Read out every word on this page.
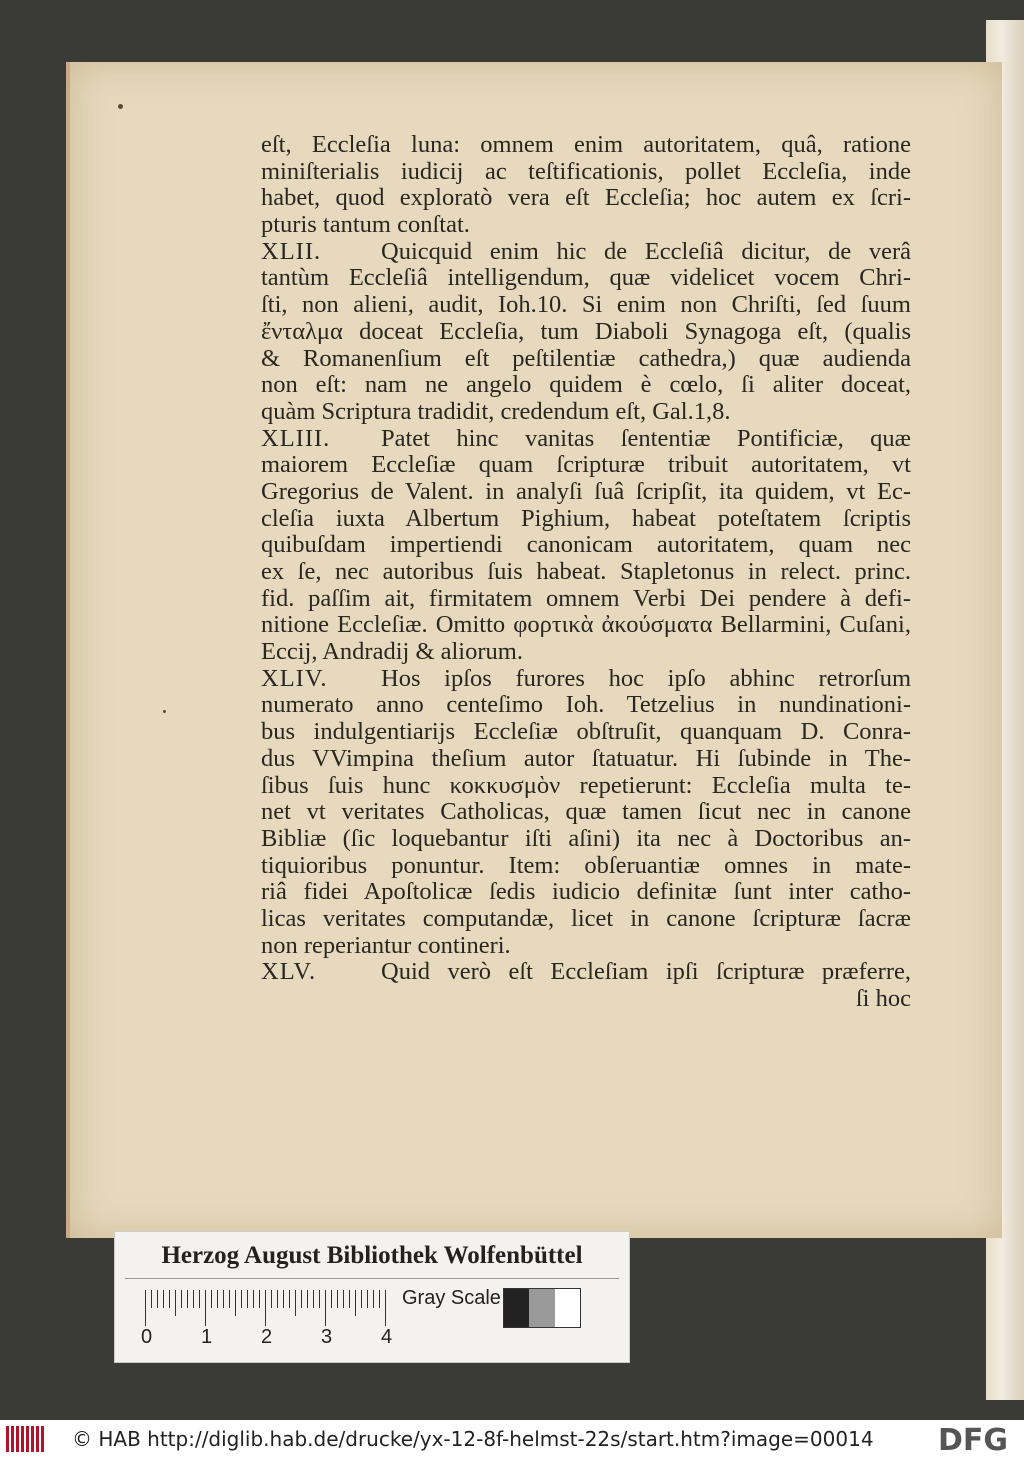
eſt, Eccleſia luna: omnem enim autoritatem, quâ, ratione
miniſterialis iudicij ac teſtificationis, pollet Eccleſia, inde
habet, quod exploratò vera eſt Eccleſia; hoc autem ex ſcri-
pturis tantum conſtat.
XLII. Quicquid enim hic de Eccleſiâ dicitur, de verâ
tantùm Eccleſiâ intelligendum, quæ videlicet vocem Chri-
ſti, non alieni, audit, Ioh.10. Si enim non Chriſti, ſed ſuum
ἔνταλμα doceat Eccleſia, tum Diaboli Synagoga eſt, (qualis
& Romanenſium eſt peſtilentiæ cathedra,) quæ audienda
non eſt: nam ne angelo quidem è cœlo, ſi aliter doceat,
quàm Scriptura tradidit, credendum eſt, Gal.1,8.
XLIII. Patet hinc vanitas ſententiæ Pontificiæ, quæ
maiorem Eccleſiæ quam ſcripturæ tribuit autoritatem, vt
Gregorius de Valent. in analyſi ſuâ ſcripſit, ita quidem, vt Ec-
cleſia iuxta Albertum Pighium, habeat poteſtatem ſcriptis
quibuſdam impertiendi canonicam autoritatem, quam nec
ex ſe, nec autoribus ſuis habeat. Stapletonus in relect. princ.
fid. paſſim ait, firmitatem omnem Verbi Dei pendere à defi-
nitione Eccleſiæ. Omitto φορτικὰ ἀκούσματα Bellarmini, Cuſani,
Eccij, Andradij & aliorum.
XLIV. Hos ipſos furores hoc ipſo abhinc retrorſum
numerato anno centeſimo Ioh. Tetzelius in nundinationi-
bus indulgentiarijs Eccleſiæ obſtruſit, quanquam D. Conra-
dus VVimpina theſium autor ſtatuatur. Hi ſubinde in The-
ſibus ſuis hunc κοκκυσμὸν repetierunt: Eccleſia multa te-
net vt veritates Catholicas, quæ tamen ſicut nec in canone
Bibliæ (ſic loquebantur iſti aſini) ita nec à Doctoribus an-
tiquioribus ponuntur. Item: obſeruantiæ omnes in mate-
riâ fidei Apoſtolicæ ſedis iudicio definitæ ſunt inter catho-
licas veritates computandæ, licet in canone ſcripturæ ſacræ
non reperiantur contineri.
XLV.	Quid verò eſt Eccleſiam ipſi ſcripturæ præferre,
ſi hoc
Herzog August Bibliothek Wolfenbüttel
0 1 2 3 4
Gray Scale
© HAB http://diglib.hab.de/drucke/yx-12-8f-helmst-22s/start.htm?image=00014 DFG
